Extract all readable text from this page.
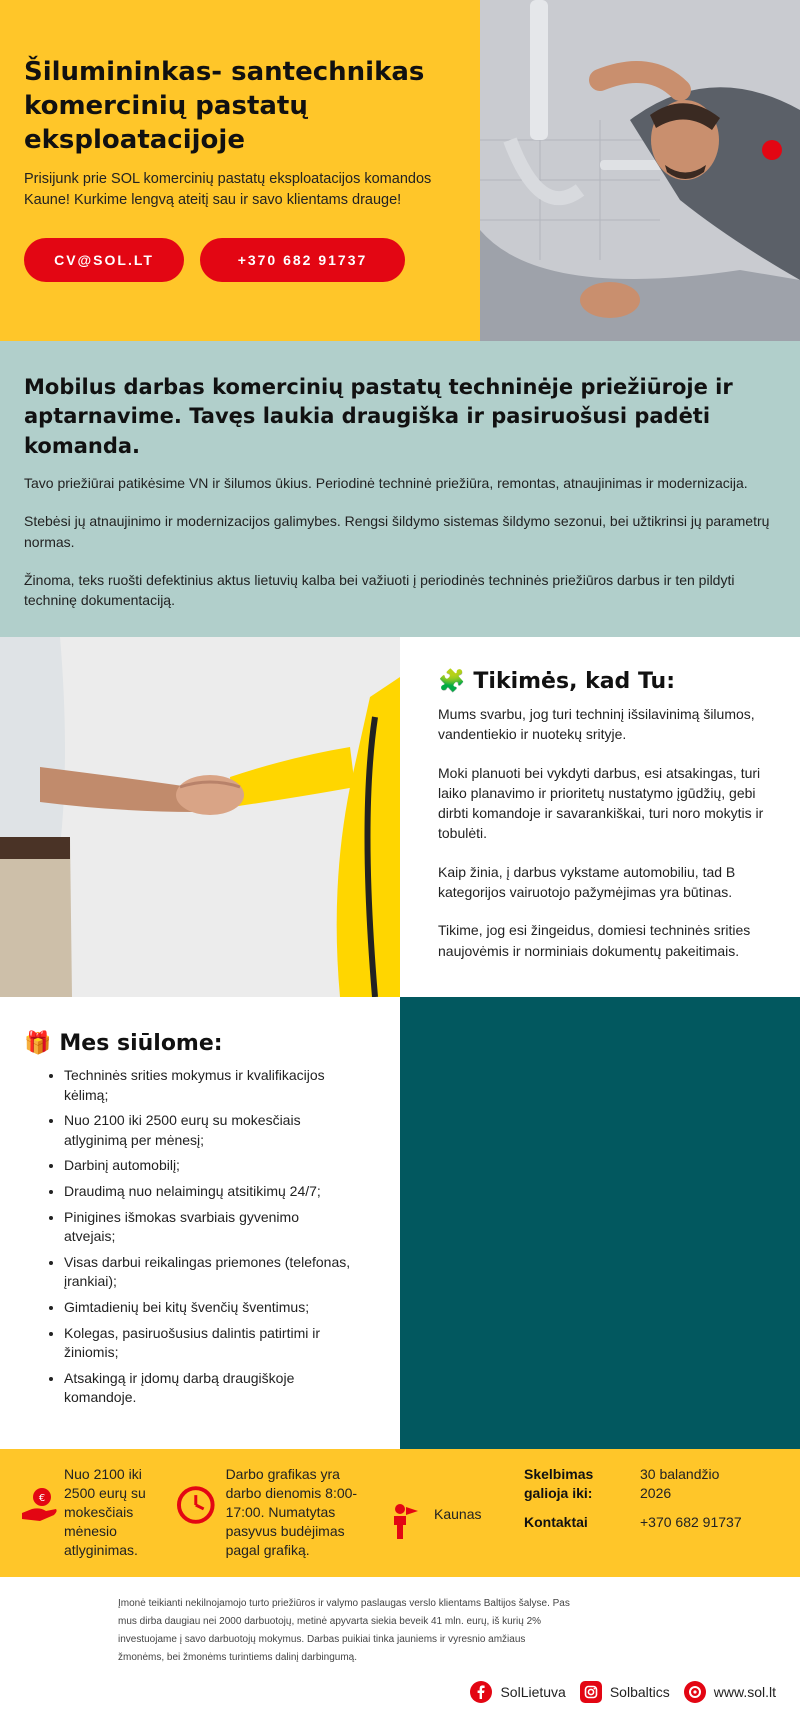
Šilumininkas- santechnikas komercinių pastatų eksploatacijoje

Prisijunk prie SOL komercinių pastatų eksploatacijos komandos Kaune! Kurkime lengvą ateitį sau ir savo klientams drauge!

CV@SOL.LT	+370 682 91737
Mobilus darbas komercinių pastatų techninėje priežiūroje ir aptarnavime. Tavęs laukia draugiška ir pasiruošusi padėti komanda.

Tavo priežiūrai patikėsime VN ir šilumos ūkius. Periodinė techninė priežiūra, remontas, atnaujinimas ir modernizacija.

Stebėsi jų atnaujinimo ir modernizacijos galimybes. Rengsi šildymo sistemas šildymo sezonui, bei užtikrinsi jų parametrų normas.

Žinoma, teks ruošti defektinius aktus lietuvių kalba bei važiuoti į periodinės techninės priežiūros darbus ir ten pildyti techninę dokumentaciją.

🧩 Tikimės, kad Tu:

Mums svarbu, jog turi techninį išsilavinimą šilumos, vandentiekio ir nuotekų srityje.

Moki planuoti bei vykdyti darbus, esi atsakingas, turi laiko planavimo ir prioritetų nustatymo įgūdžių, gebi dirbti komandoje ir savarankiškai, turi noro mokytis ir tobulėti.

Kaip žinia, į darbus vykstame automobiliu, tad B kategorijos vairuotojo pažymėjimas yra būtinas.

Tikime, jog esi žingeidus, domiesi techninės srities naujovėmis ir norminiais dokumentų pakeitimais.

🎁 Mes siūlome:
• Techninės srities mokymus ir kvalifikacijos kėlimą;
• Nuo 2100 iki 2500 eurų su mokesčiais atlyginimą per mėnesį;
• Darbinį automobilį;
• Draudimą nuo nelaimingų atsitikimų 24/7;
• Pinigines išmokas svarbiais gyvenimo atvejais;
• Visas darbui reikalingas priemones (telefonas, įrankiai);
• Gimtadienių bei kitų švenčių šventimus;
• Kolegas, pasiruošusius dalintis patirtimi ir žiniomis;
• Atsakingą ir įdomų darbą draugiškoje komandoje.
€
Nuo 2100 iki 2500 eurų su mokesčiais mėnesio atlyginimas.
Darbo grafikas yra darbo dienomis 8:00-17:00. Numatytas pasyvus budėjimas pagal grafiką.
Kaunas
Skelbimas galioja iki:
30 balandžio 2026
Kontaktai	+370 682 91737

Įmonė teikianti nekilnojamojo turto priežiūros ir valymo paslaugas verslo klientams Baltijos šalyse. Pas mus dirba daugiau nei 2000 darbuotojų, metinė apyvarta siekia beveik 41 mln. eurų, iš kurių 2% investuojame į savo darbuotojų mokymus. Darbas puikiai tinka jauniems ir vyresnio amžiaus žmonėms, bei žmonėms turintiems dalinį darbingumą.

SolLietuva	Solbaltics	www.sol.lt
